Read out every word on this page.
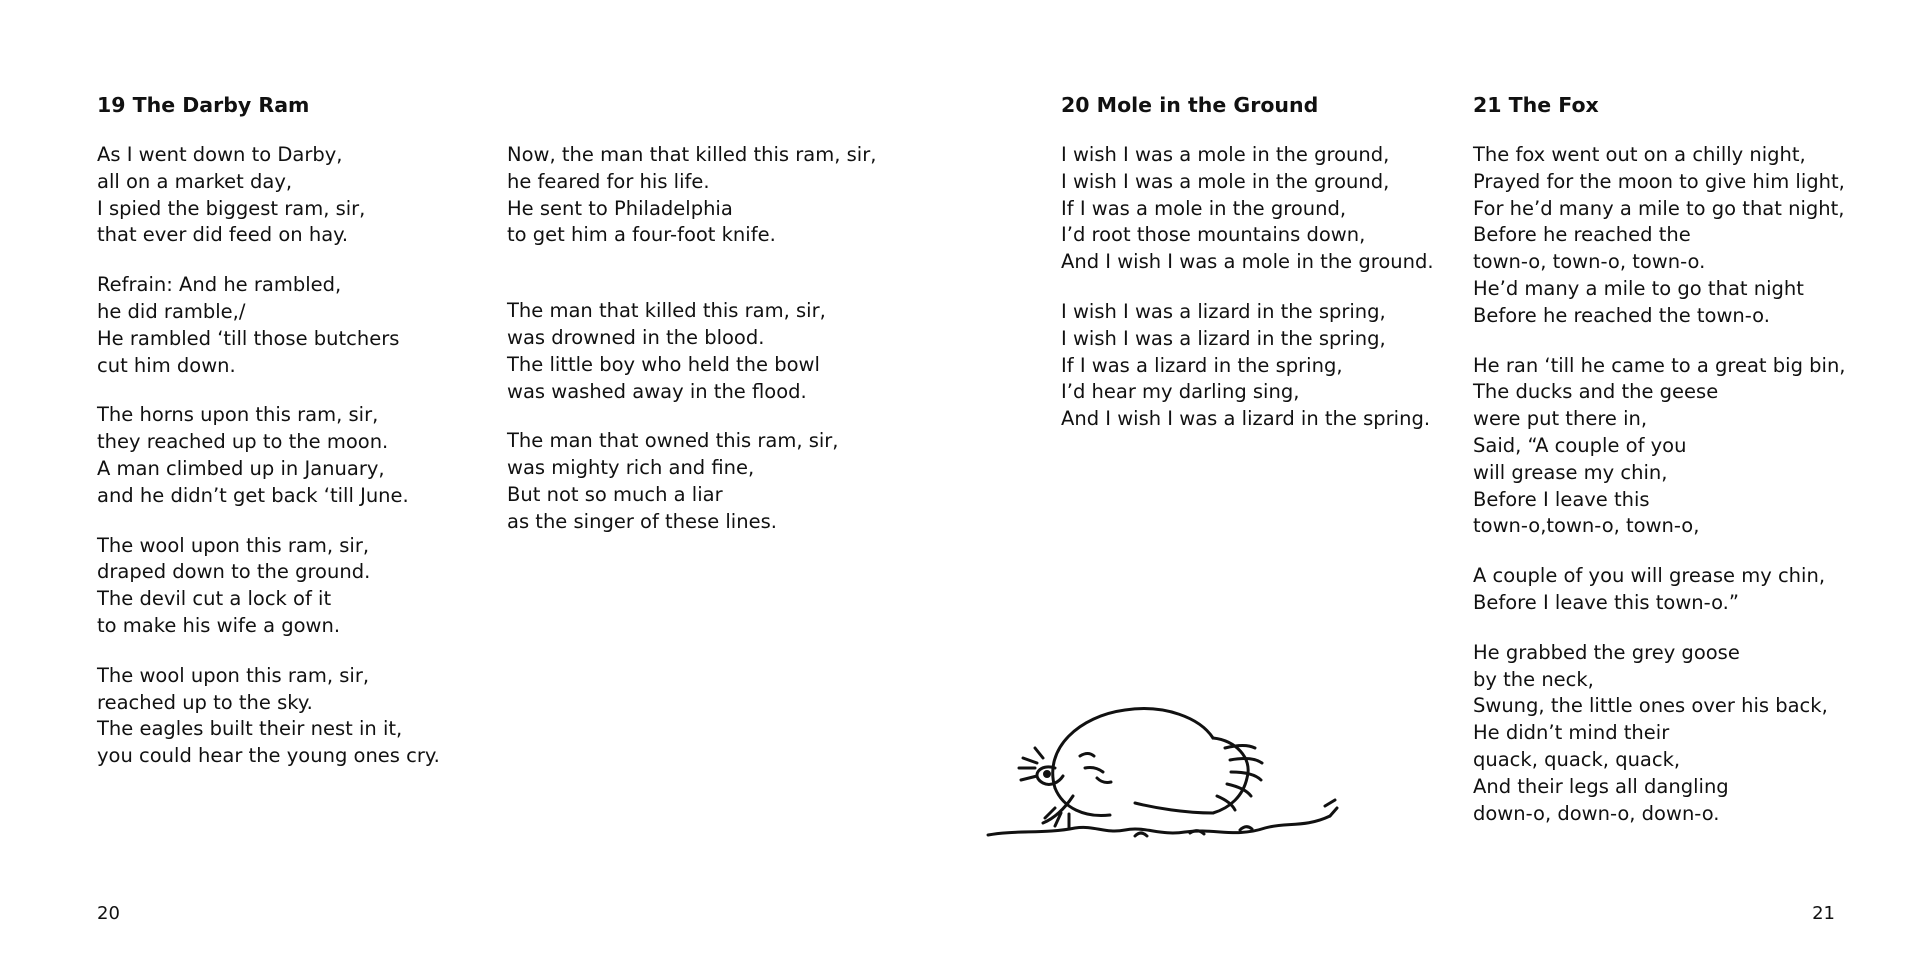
19 The Darby Ram
As I went down to Darby,
all on a market day,
I spied the biggest ram, sir,
that ever did feed on hay.
Refrain: And he rambled,
he did ramble,/
He rambled ‘till those butchers
cut him down.
The horns upon this ram, sir,
they reached up to the moon.
A man climbed up in January,
and he didn’t get back ‘till June.
The wool upon this ram, sir,
draped down to the ground.
The devil cut a lock of it
to make his wife a gown.
The wool upon this ram, sir,
reached up to the sky.
The eagles built their nest in it,
you could hear the young ones cry.
Now, the man that killed this ram, sir,
he feared for his life.
He sent to Philadelphia
to get him a four-foot knife.
The man that killed this ram, sir,
was drowned in the blood.
The little boy who held the bowl
was washed away in the flood.
The man that owned this ram, sir,
was mighty rich and fine,
But not so much a liar
as the singer of these lines.
20 Mole in the Ground
I wish I was a mole in the ground,
I wish I was a mole in the ground,
If I was a mole in the ground,
I’d root those mountains down,
And I wish I was a mole in the ground.
I wish I was a lizard in the spring,
I wish I was a lizard in the spring,
If I was a lizard in the spring,
I’d hear my darling sing,
And I wish I was a lizard in the spring.
21 The Fox
The fox went out on a chilly night,
Prayed for the moon to give him light,
For he’d many a mile to go that night,
Before he reached the
town-o, town-o, town-o.
He’d many a mile to go that night
Before he reached the town-o.
He ran ‘till he came to a great big bin,
The ducks and the geese
were put there in,
Said, “A couple of you
will grease my chin,
Before I leave this
town-o,town-o, town-o,
A couple of you will grease my chin,
Before I leave this town-o.”
He grabbed the grey goose
by the neck,
Swung, the little ones over his back,
He didn’t mind their
quack, quack, quack,
And their legs all dangling
down-o, down-o, down-o.
20	21
